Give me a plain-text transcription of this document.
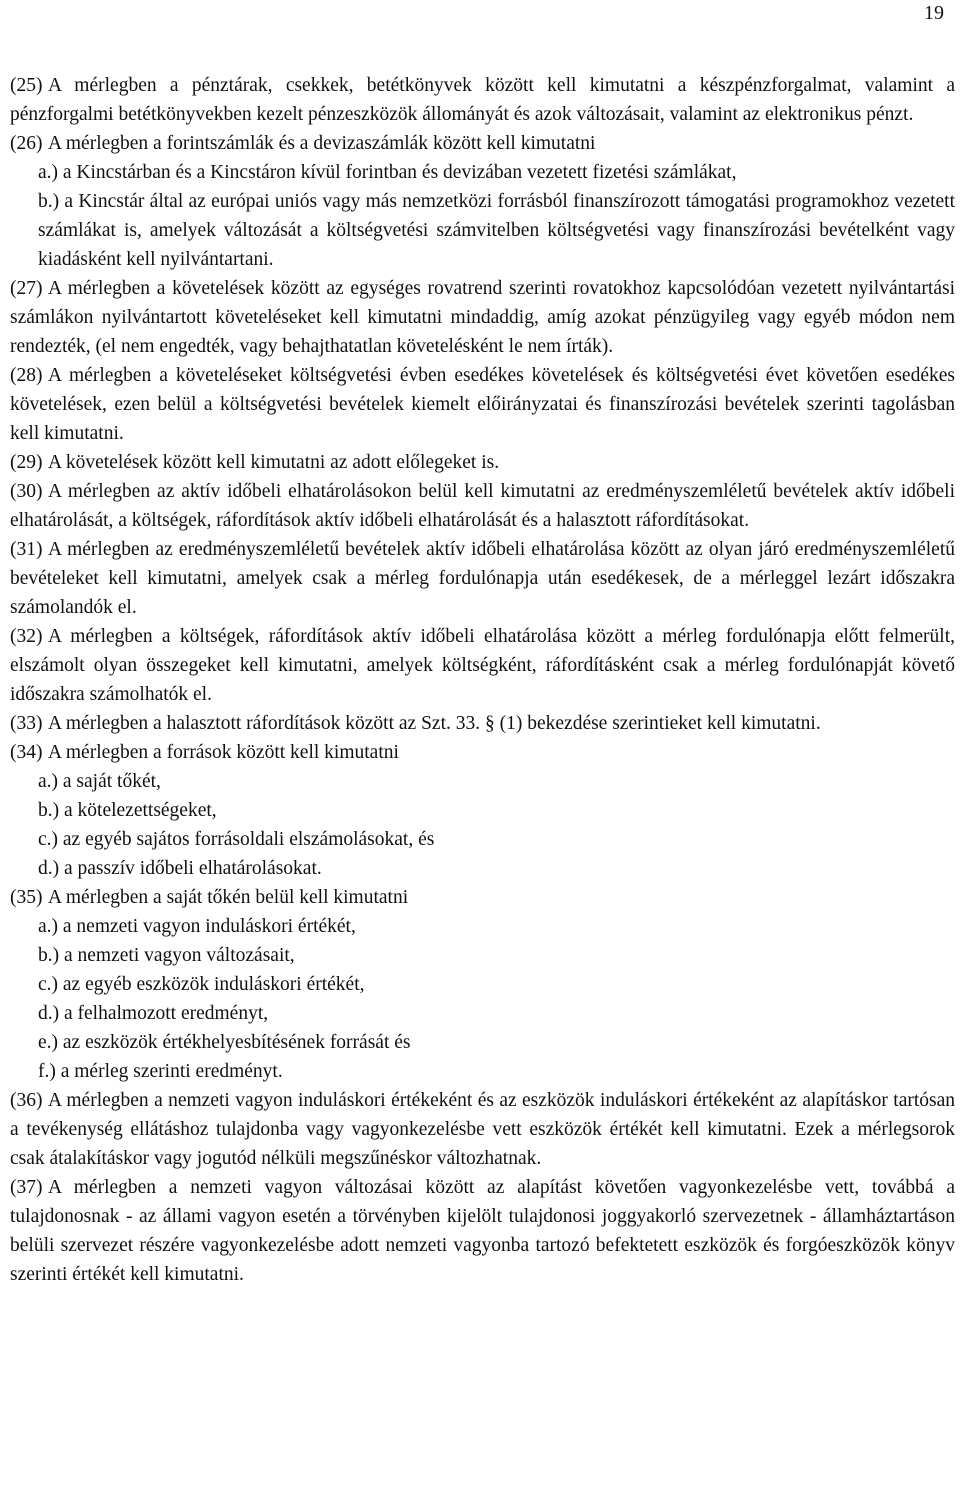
19
(25) A mérlegben a pénztárak, csekkek, betétkönyvek között kell kimutatni a készpénzforgalmat, valamint a pénzforgalmi betétkönyvekben kezelt pénzeszközök állományát és azok változásait, valamint az elektronikus pénzt.
(26) A mérlegben a forintszámlák és a devizaszámlák között kell kimutatni
a.) a Kincstárban és a Kincstáron kívül forintban és devizában vezetett fizetési számlákat,
b.) a Kincstár által az európai uniós vagy más nemzetközi forrásból finanszírozott támogatási programokhoz vezetett számlákat is, amelyek változását a költségvetési számvitelben költségvetési vagy finanszírozási bevételként vagy kiadásként kell nyilvántartani.
(27) A mérlegben a követelések között az egységes rovatrend szerinti rovatokhoz kapcsolódóan vezetett nyilvántartási számlákon nyilvántartott követeléseket kell kimutatni mindaddig, amíg azokat pénzügyileg vagy egyéb módon nem rendezték, (el nem engedték, vagy behajthatatlan követelésként le nem írták).
(28) A mérlegben a követeléseket költségvetési évben esedékes követelések és költségvetési évet követően esedékes követelések, ezen belül a költségvetési bevételek kiemelt előirányzatai és finanszírozási bevételek szerinti tagolásban kell kimutatni.
(29) A követelések között kell kimutatni az adott előlegeket is.
(30) A mérlegben az aktív időbeli elhatárolásokon belül kell kimutatni az eredményszemléletű bevételek aktív időbeli elhatárolását, a költségek, ráfordítások aktív időbeli elhatárolását és a halasztott ráfordításokat.
(31) A mérlegben az eredményszemléletű bevételek aktív időbeli elhatárolása között az olyan járó eredményszemléletű bevételeket kell kimutatni, amelyek csak a mérleg fordulónapja után esedékesek, de a mérleggel lezárt időszakra számolandók el.
(32) A mérlegben a költségek, ráfordítások aktív időbeli elhatárolása között a mérleg fordulónapja előtt felmerült, elszámolt olyan összegeket kell kimutatni, amelyek költségként, ráfordításként csak a mérleg fordulónapját követő időszakra számolhatók el.
(33) A mérlegben a halasztott ráfordítások között az Szt. 33. § (1) bekezdése szerintieket kell kimutatni.
(34) A mérlegben a források között kell kimutatni
a.) a saját tőkét,
b.) a kötelezettségeket,
c.) az egyéb sajátos forrásoldali elszámolásokat, és
d.) a passzív időbeli elhatárolásokat.
(35) A mérlegben a saját tőkén belül kell kimutatni
a.) a nemzeti vagyon induláskori értékét,
b.) a nemzeti vagyon változásait,
c.) az egyéb eszközök induláskori értékét,
d.) a felhalmozott eredményt,
e.) az eszközök értékhelyesbítésének forrását és
f.) a mérleg szerinti eredményt.
(36) A mérlegben a nemzeti vagyon induláskori értékeként és az eszközök induláskori értékeként az alapításkor tartósan a tevékenység ellátáshoz tulajdonba vagy vagyonkezelésbe vett eszközök értékét kell kimutatni. Ezek a mérlegsorok csak átalakításkor vagy jogutód nélküli megszűnéskor változhatnak.
(37) A mérlegben a nemzeti vagyon változásai között az alapítást követően vagyonkezelésbe vett, továbbá a tulajdonosnak - az állami vagyon esetén a törvényben kijelölt tulajdonosi joggyakorló szervezetnek - államháztartáson belüli szervezet részére vagyonkezelésbe adott nemzeti vagyonba tartozó befektetett eszközök és forgóeszközök könyv szerinti értékét kell kimutatni.
